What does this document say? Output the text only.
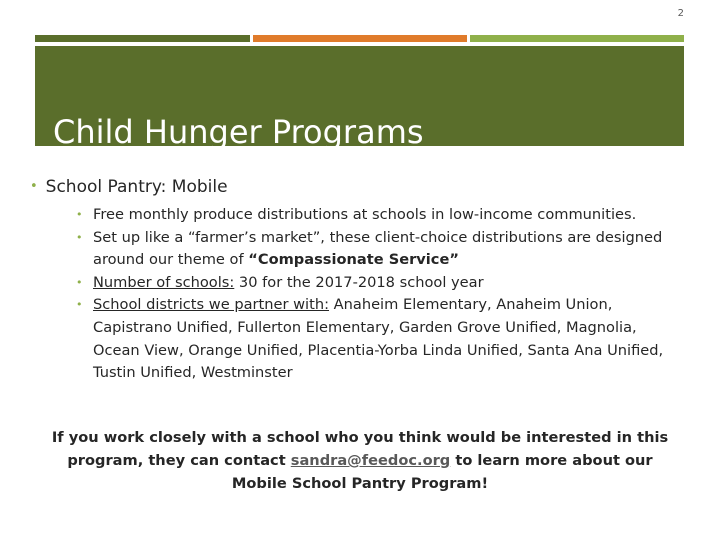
2
Child Hunger Programs
• School Pantry: Mobile
• Free monthly produce distributions at schools in low-income communities.
• Set up like a “farmer’s market”, these client-choice distributions are designed around our theme of “Compassionate Service”
• Number of schools: 30 for the 2017-2018 school year
• School districts we partner with: Anaheim Elementary, Anaheim Union, Capistrano Unified, Fullerton Elementary, Garden Grove Unified, Magnolia, Ocean View, Orange Unified, Placentia-Yorba Linda Unified, Santa Ana Unified, Tustin Unified, Westminster
If you work closely with a school who you think would be interested in this program, they can contact sandra@feedoc.org to learn more about our Mobile School Pantry Program!
